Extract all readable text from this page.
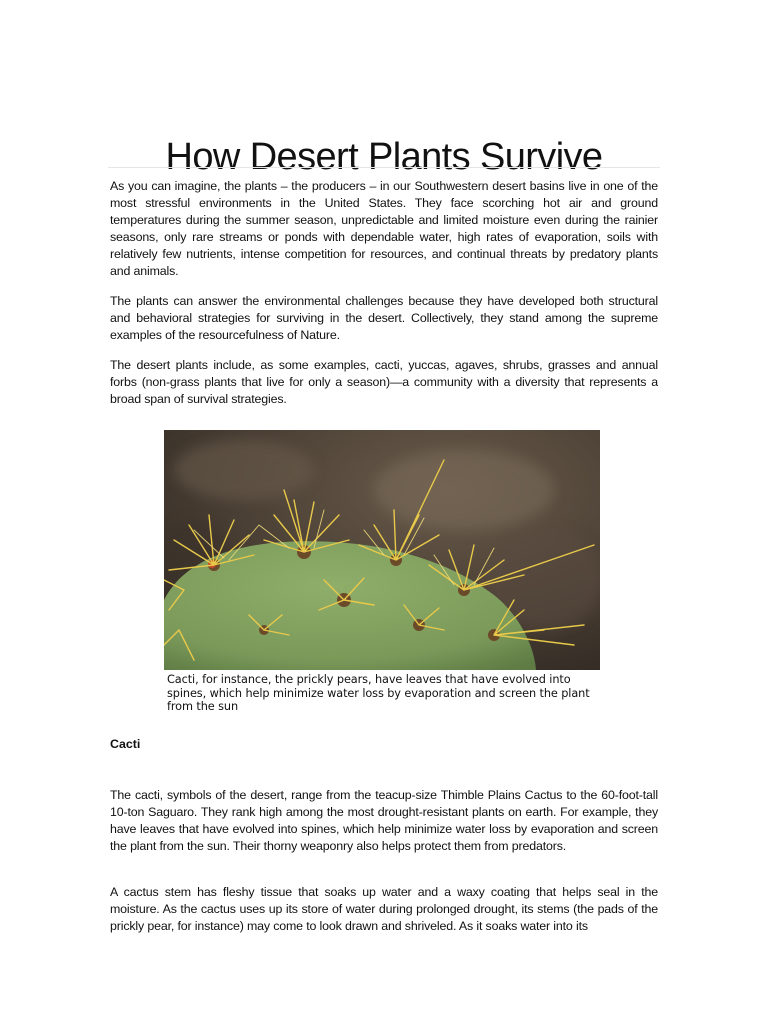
How Desert Plants Survive

As you can imagine, the plants – the producers – in our Southwestern desert basins live in one of the most stressful environments in the United States. They face scorching hot air and ground temperatures during the summer season, unpredictable and limited moisture even during the rainier seasons, only rare streams or ponds with dependable water, high rates of evaporation, soils with relatively few nutrients, intense competition for resources, and continual threats by predatory plants and animals.

The plants can answer the environmental challenges because they have developed both structural and behavioral strategies for surviving in the desert. Collectively, they stand among the supreme examples of the resourcefulness of Nature.

The desert plants include, as some examples, cacti, yuccas, agaves, shrubs, grasses and annual forbs (non-grass plants that live for only a season)—a community with a diversity that represents a broad span of survival strategies.

Cacti, for instance, the prickly pears, have leaves that have evolved into spines, which help minimize water loss by evaporation and screen the plant from the sun
Cacti

The cacti, symbols of the desert, range from the teacup-size Thimble Plains Cactus to the 60-foot-tall 10-ton Saguaro. They rank high among the most drought-resistant plants on earth. For example, they have leaves that have evolved into spines, which help minimize water loss by evaporation and screen the plant from the sun. Their thorny weaponry also helps protect them from predators.

A cactus stem has fleshy tissue that soaks up water and a waxy coating that helps seal in the moisture. As the cactus uses up its store of water during prolonged drought, its stems (the pads of the prickly pear, for instance) may come to look drawn and shriveled. As it soaks water into its
